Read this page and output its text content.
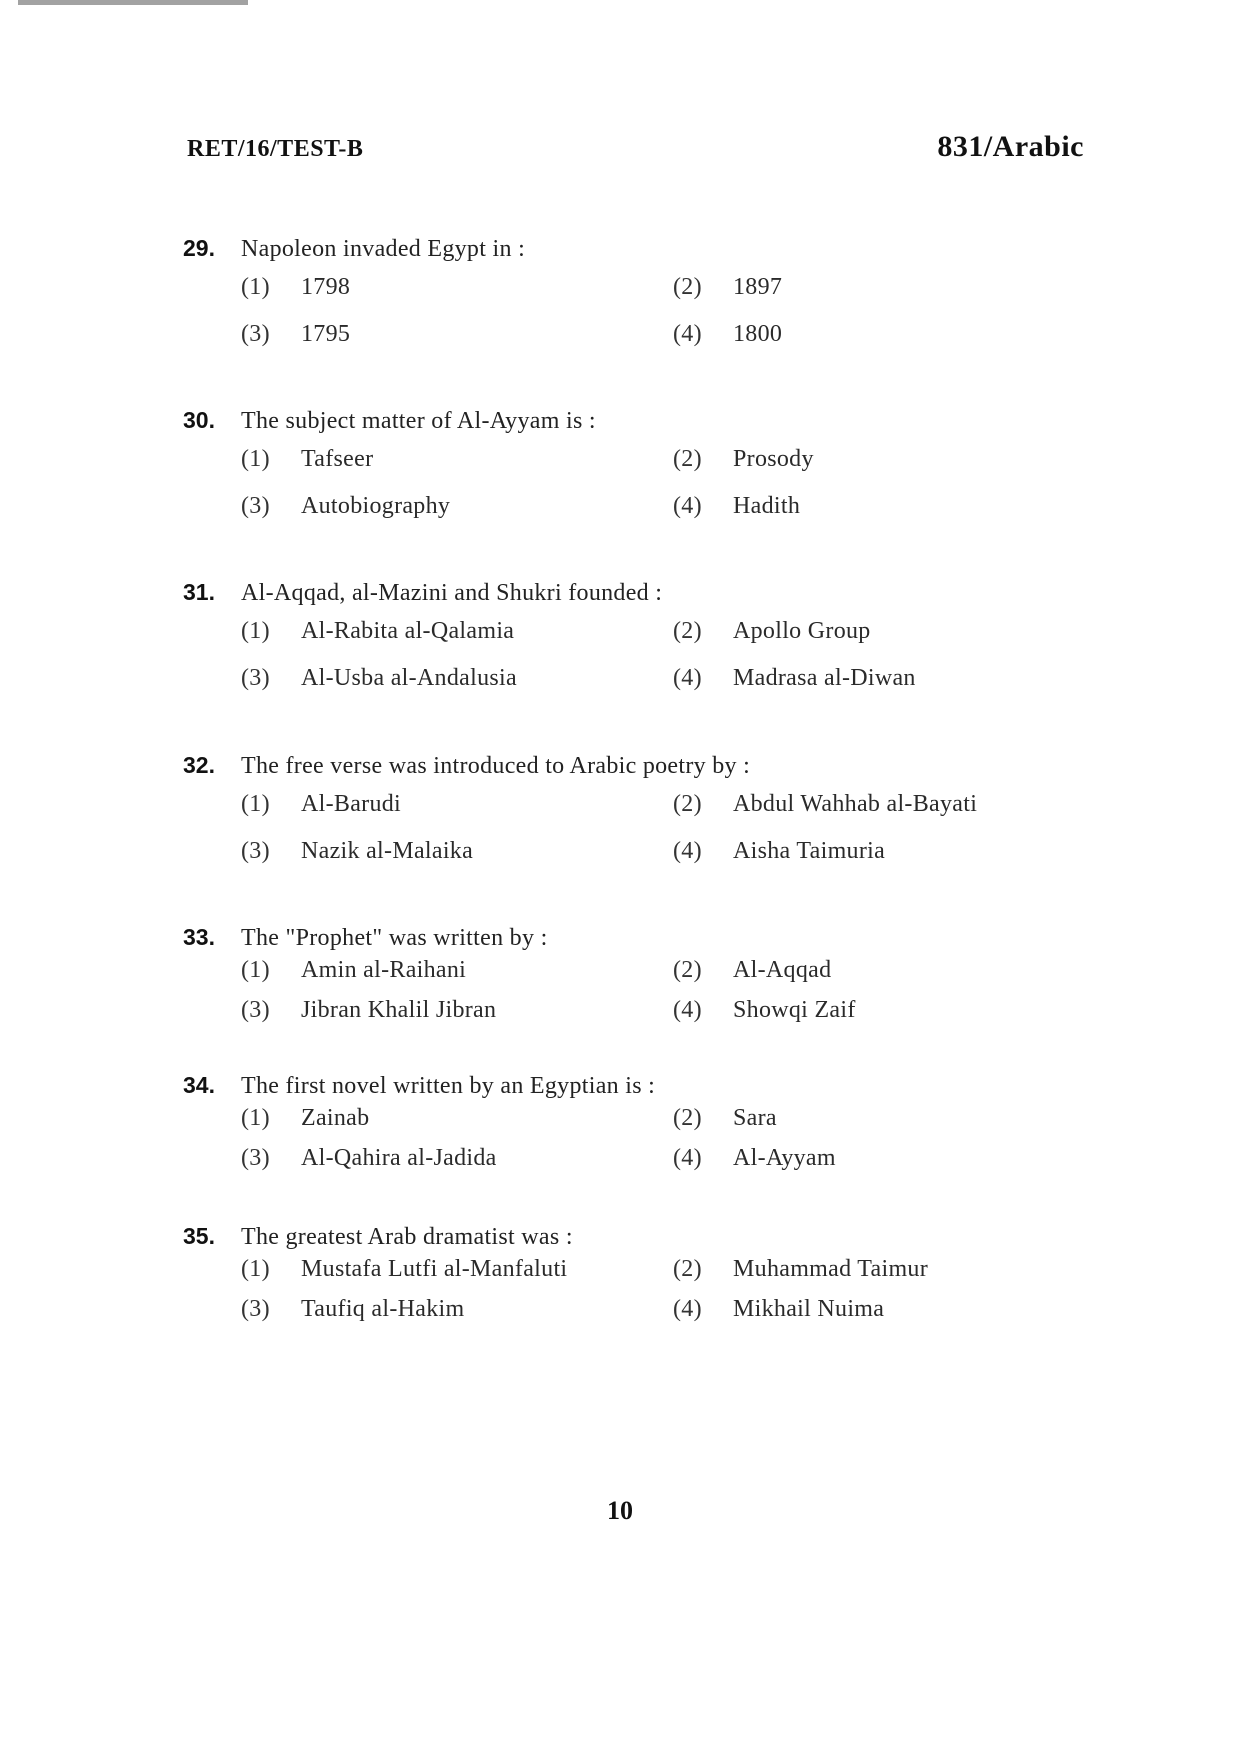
RET/16/TEST-B	831/Arabic
29.	Napoleon invaded Egypt in :
(1)	1798	(2)	1897
(3)	1795	(4)	1800
30.	The subject matter of Al-Ayyam is :
(1)	Tafseer	(2)	Prosody
(3)	Autobiography	(4)	Hadith
31.	Al-Aqqad, al-Mazini and Shukri founded :
(1)	Al-Rabita al-Qalamia	(2)	Apollo Group
(3)	Al-Usba al-Andalusia	(4)	Madrasa al-Diwan
32.	The free verse was introduced to Arabic poetry by :
(1)	Al-Barudi	(2)	Abdul Wahhab al-Bayati
(3)	Nazik al-Malaika	(4)	Aisha Taimuria
33.	The "Prophet" was written by :
(1)	Amin al-Raihani	(2)	Al-Aqqad
(3)	Jibran Khalil Jibran	(4)	Showqi Zaif
34.	The first novel written by an Egyptian is :
(1)	Zainab	(2)	Sara
(3)	Al-Qahira al-Jadida	(4)	Al-Ayyam
35.	The greatest Arab dramatist was :
(1)	Mustafa Lutfi al-Manfaluti	(2)	Muhammad Taimur
(3)	Taufiq al-Hakim	(4)	Mikhail Nuima
10
